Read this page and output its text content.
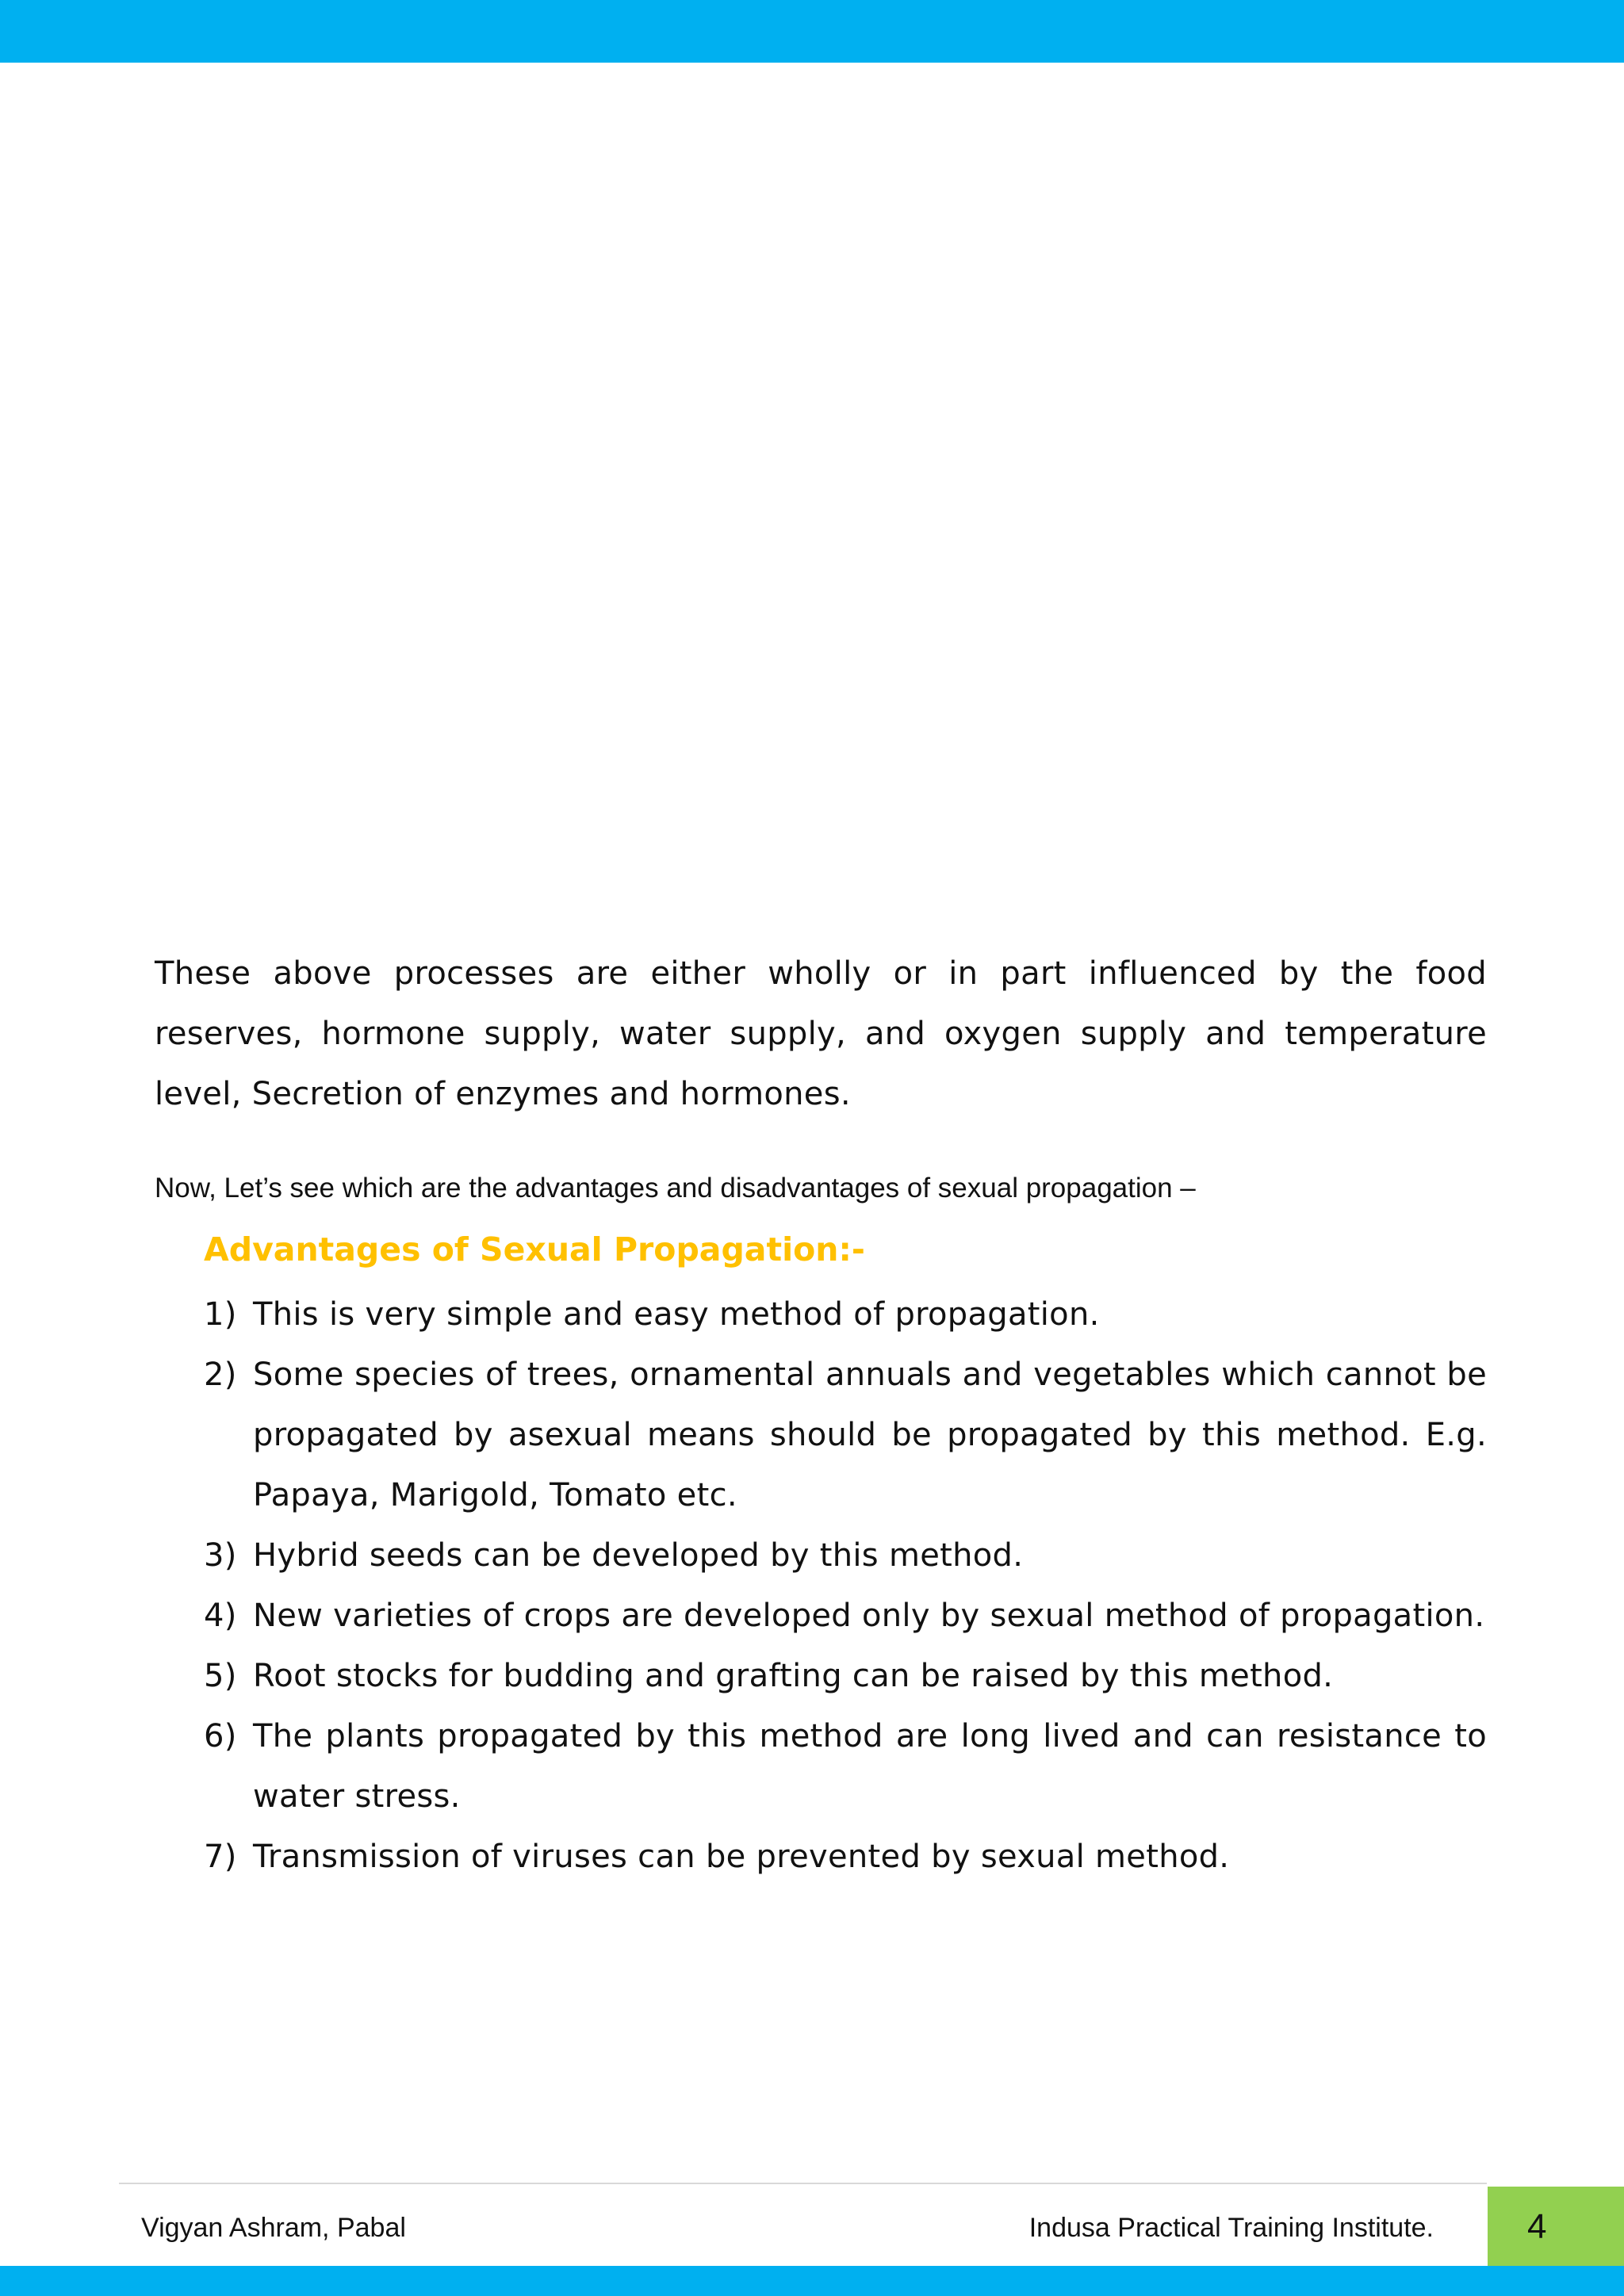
These above processes are either wholly or in part influenced by the food reserves, hormone supply, water supply, and oxygen supply and temperature level, Secretion of enzymes and hormones.

Now, Let’s see which are the advantages and disadvantages of sexual propagation –

Advantages of Sexual Propagation:-
1) This is very simple and easy method of propagation.
2) Some species of trees, ornamental annuals and vegetables which cannot be propagated by asexual means should be propagated by this method. E.g. Papaya, Marigold, Tomato etc.
3) Hybrid seeds can be developed by this method.
4) New varieties of crops are developed only by sexual method of propagation.
5) Root stocks for budding and grafting can be raised by this method.
6) The plants propagated by this method are long lived and can resistance to water stress.
7) Transmission of viruses can be prevented by sexual method.
Vigyan Ashram, Pabal	Indusa Practical Training Institute.	4
